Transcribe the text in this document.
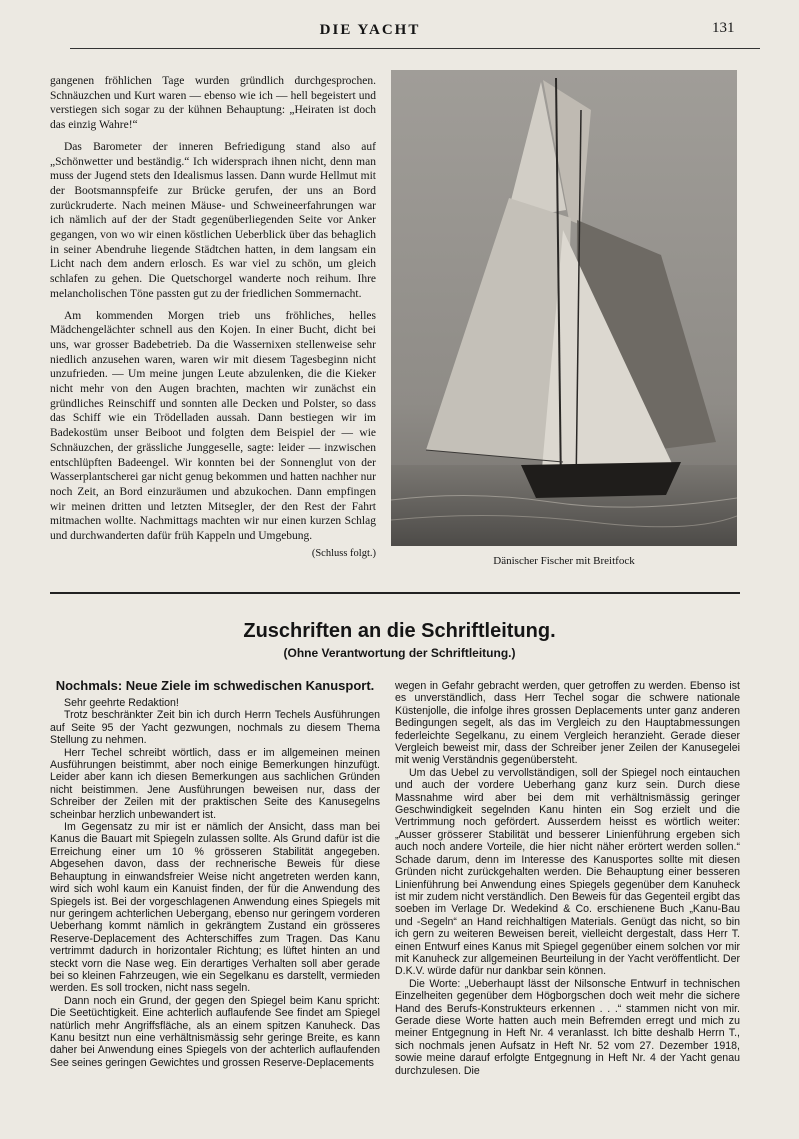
DIE YACHT	131

gangenen fröhlichen Tage wurden gründlich durchgesprochen. Schnäuzchen und Kurt waren — ebenso wie ich — hell begeistert und verstiegen sich sogar zu der kühnen Behauptung: „Heiraten ist doch das einzig Wahre!“

Das Barometer der inneren Befriedigung stand also auf „Schönwetter und beständig.“ Ich widersprach ihnen nicht, denn man muss der Jugend stets den Idealismus lassen. Dann wurde Hellmut mit der Bootsmannspfeife zur Brücke gerufen, der uns an Bord zurückruderte. Nach meinen Mäuse- und Schweineerfahrungen war ich nämlich auf der der Stadt gegenüberliegenden Seite vor Anker gegangen, von wo wir einen köstlichen Ueberblick über das behaglich in seiner Abendruhe liegende Städtchen hatten, in dem langsam ein Licht nach dem andern erlosch. Es war viel zu schön, um gleich schlafen zu gehen. Die Quetschorgel wanderte noch reihum. Ihre melancholischen Töne passten gut zu der friedlichen Sommernacht.

Am kommenden Morgen trieb uns fröhliches, helles Mädchengelächter schnell aus den Kojen. In einer Bucht, dicht bei uns, war grosser Badebetrieb. Da die Wassernixen stellenweise sehr niedlich anzusehen waren, waren wir mit diesem Tagesbeginn nicht unzufrieden. — Um meine jungen Leute abzulenken, die die Kieker nicht mehr von den Augen brachten, machten wir zunächst ein gründliches Reinschiff und sonnten alle Decken und Polster, so dass das Schiff wie ein Trödelladen aussah. Dann bestiegen wir im Badekostüm unser Beiboot und folgten dem Beispiel der — wie Schnäuzchen, der grässliche Junggeselle, sagte: leider — inzwischen entschlüpften Badeengel. Wir konnten bei der Sonnenglut von der Wasserplantscherei gar nicht genug bekommen und hatten nachher nur noch Zeit, an Bord einzuräumen und abzukochen. Dann empfingen wir meinen dritten und letzten Mitsegler, der den Rest der Fahrt mitmachen wollte. Nachmittags machten wir nur einen kurzen Schlag und durchwanderten dafür früh Kappeln und Umgebung.

(Schluss folgt.)
Dänischer Fischer mit Breitfock
Zuschriften an die Schriftleitung.
(Ohne Verantwortung der Schriftleitung.)
Nochmals: Neue Ziele im schwedischen Kanusport.

Sehr geehrte Redaktion!

Trotz beschränkter Zeit bin ich durch Herrn Techels Ausführungen auf Seite 95 der Yacht gezwungen, nochmals zu diesem Thema Stellung zu nehmen.

Herr Techel schreibt wörtlich, dass er im allgemeinen meinen Ausführungen beistimmt, aber noch einige Bemerkungen hinzufügt. Leider aber kann ich diesen Bemerkungen aus sachlichen Gründen nicht beistimmen. Jene Ausführungen beweisen nur, dass der Schreiber der Zeilen mit der praktischen Seite des Kanusegelns scheinbar herzlich unbewandert ist.

Im Gegensatz zu mir ist er nämlich der Ansicht, dass man bei Kanus die Bauart mit Spiegeln zulassen sollte. Als Grund dafür ist die Erreichung einer um 10 % grösseren Stabilität angegeben. Abgesehen davon, dass der rechnerische Beweis für diese Behauptung in einwandsfreier Weise nicht angetreten werden kann, wird sich wohl kaum ein Kanuist finden, der für die Anwendung des Spiegels ist. Bei der vorgeschlagenen Anwendung eines Spiegels mit nur geringem achterlichen Uebergang, ebenso nur geringem vorderen Ueberhang kommt nämlich in gekrängtem Zustand ein grösseres Reserve-Deplacement des Achterschiffes zum Tragen. Das Kanu vertrimmt dadurch in horizontaler Richtung; es lüftet hinten an und steckt vorn die Nase weg. Ein derartiges Verhalten soll aber gerade bei so kleinen Fahrzeugen, wie ein Segelkanu es darstellt, vermieden werden. Es soll trocken, nicht nass segeln.

Dann noch ein Grund, der gegen den Spiegel beim Kanu spricht: Die Seetüchtigkeit. Eine achterlich auflaufende See findet am Spiegel natürlich mehr Angriffsfläche, als an einem spitzen Kanuheck. Das Kanu besitzt nun eine verhältnismässig sehr geringe Breite, es kann daher bei Anwendung eines Spiegels von der achterlich auflaufenden See seines geringen Gewichtes und grossen Reserve-Deplacements

wegen in Gefahr gebracht werden, quer getroffen zu werden. Ebenso ist es unverständlich, dass Herr Techel sogar die schwere nationale Küstenjolle, die infolge ihres grossen Deplacements unter ganz anderen Bedingungen segelt, als das im Vergleich zu den Hauptabmessungen federleichte Segelkanu, zu einem Vergleich heranzieht. Gerade dieser Vergleich beweist mir, dass der Schreiber jener Zeilen der Kanusegelei mit wenig Verständnis gegenübersteht.

Um das Uebel zu vervollständigen, soll der Spiegel noch eintauchen und auch der vordere Ueberhang ganz kurz sein. Durch diese Massnahme wird aber bei dem mit verhältnismässig geringer Geschwindigkeit segelnden Kanu hinten ein Sog erzielt und die Vertrimmung noch gefördert. Ausserdem heisst es wörtlich weiter: „Ausser grösserer Stabilität und besserer Linienführung ergeben sich auch noch andere Vorteile, die hier nicht näher erörtert werden sollen.“ Schade darum, denn im Interesse des Kanusportes sollte mit diesen Gründen nicht zurückgehalten werden. Die Behauptung einer besseren Linienführung bei Anwendung eines Spiegels gegenüber dem Kanuheck ist mir zudem nicht verständlich. Den Beweis für das Gegenteil ergibt das soeben im Verlage Dr. Wedekind & Co. erschienene Buch „Kanu-Bau und -Segeln“ an Hand reichhaltigen Materials. Genügt das nicht, so bin ich gern zu weiteren Beweisen bereit, vielleicht dergestalt, dass Herr T. einen Entwurf eines Kanus mit Spiegel gegenüber einem solchen vor mir mit Kanuheck zur allgemeinen Beurteilung in der Yacht veröffentlicht. Der D.K.V. würde dafür nur dankbar sein können.

Die Worte: „Ueberhaupt lässt der Nilsonsche Entwurf in technischen Einzelheiten gegenüber dem Högborgschen doch weit mehr die sichere Hand des Berufs-Konstrukteurs erkennen . . .“ stammen nicht von mir. Gerade diese Worte hatten auch mein Befremden erregt und mich zu meiner Entgegnung in Heft Nr. 4 veranlasst. Ich bitte deshalb Herrn T., sich nochmals jenen Aufsatz in Heft Nr. 52 vom 27. Dezember 1918, sowie meine darauf erfolgte Entgegnung in Heft Nr. 4 der Yacht genau durchzulesen. Die
